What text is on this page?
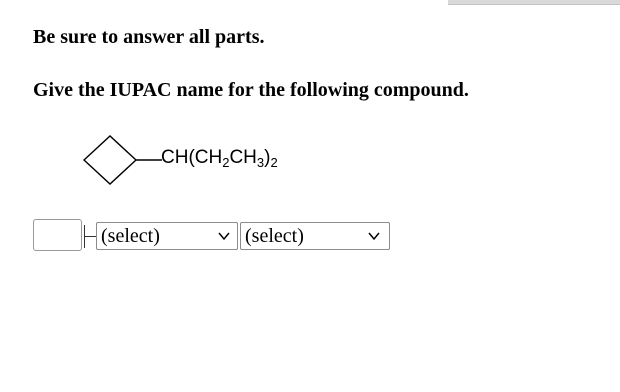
Be sure to answer all parts.
Give the IUPAC name for the following compound.
$CH(CH_2CH_3)_2$
(select)	(select)
